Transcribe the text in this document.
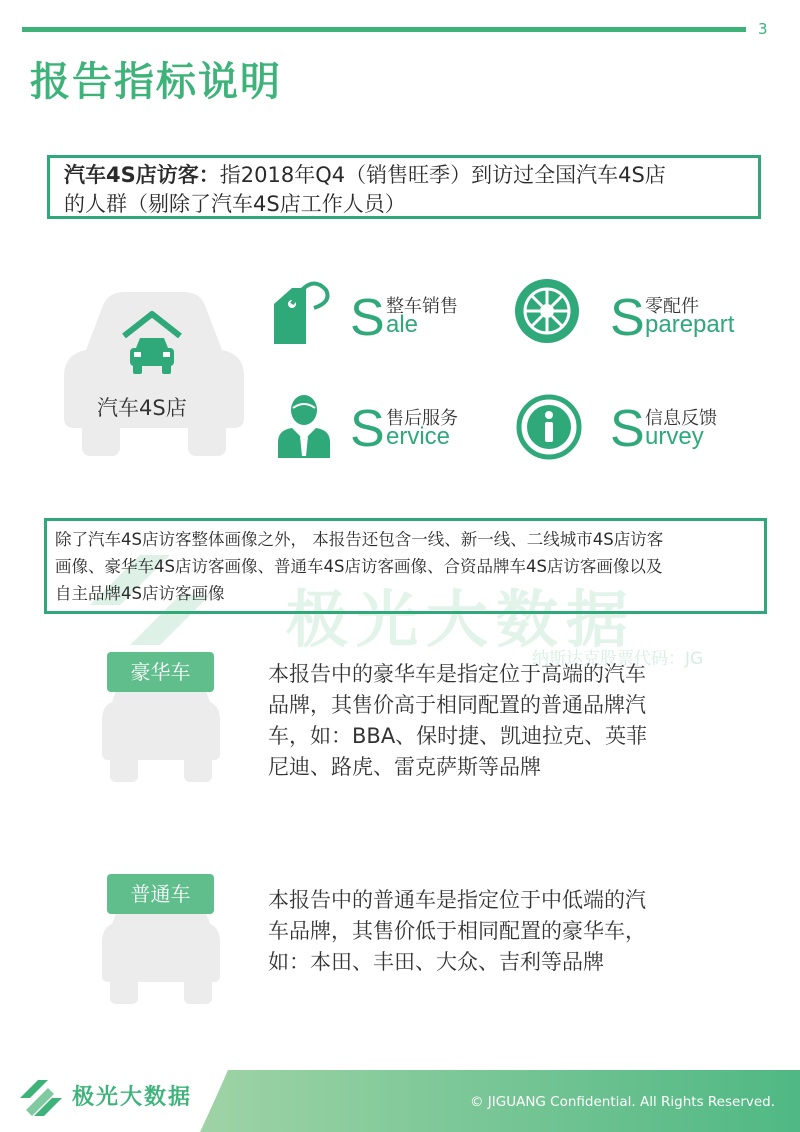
3
报告指标说明
汽车4S店访客：指2018年Q4（销售旺季）到访过全国汽车4S店
的人群（剔除了汽车4S店工作人员）
汽车4S店
S 整车销售
ale	S 零配件
parepart
S 售后服务
ervice	S 信息反馈
urvey
极光大数据
纳斯达克股票代码：JG
除了汽车4S店访客整体画像之外， 本报告还包含一线、新一线、二线城市4S店访客
画像、豪华车4S店访客画像、普通车4S店访客画像、合资品牌车4S店访客画像以及
自主品牌4S店访客画像
豪华车	本报告中的豪华车是指定位于高端的汽车
品牌，其售价高于相同配置的普通品牌汽
车，如：BBA、保时捷、凯迪拉克、英菲
尼迪、路虎、雷克萨斯等品牌
普通车	本报告中的普通车是指定位于中低端的汽
车品牌，其售价低于相同配置的豪华车，
如：本田、丰田、大众、吉利等品牌
极光大数据	© JIGUANG Confidential. All Rights Reserved.
